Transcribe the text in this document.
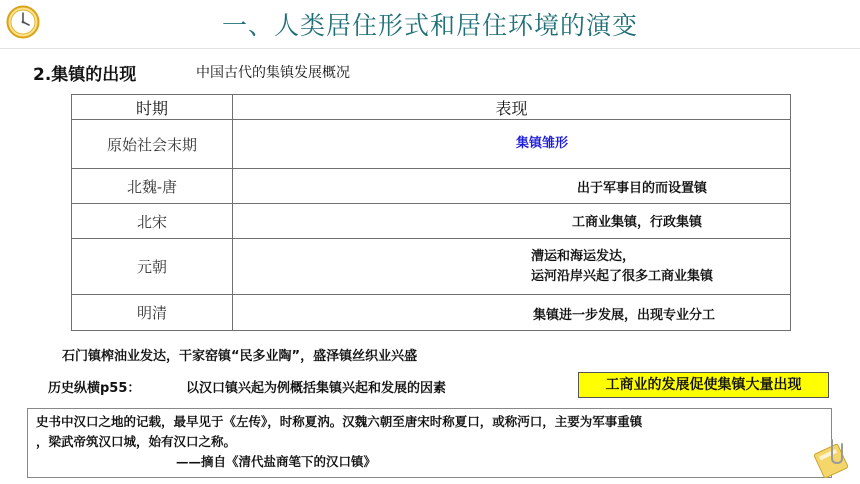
一、人类居住形式和居住环境的演变
2.集镇的出现	中国古代的集镇发展概况
时期	表现
原始社会末期	集镇雏形

北魏-唐	出于军事目的而设置镇

北宋	工商业集镇，行政集镇

元朝	漕运和海运发达，
运河沿岸兴起了很多工商业集镇

明清	集镇进一步发展，出现专业分工
石门镇榨油业发达，干家窑镇“民多业陶”，盛泽镇丝织业兴盛
历史纵横p55：	以汉口镇兴起为例概括集镇兴起和发展的因素	工商业的发展促使集镇大量出现
史书中汉口之地的记载，最早见于《左传》，时称夏汭。汉魏六朝至唐宋时称夏口，或称沔口，主要为军事重镇
，梁武帝筑汉口城，始有汉口之称。
——摘自《清代盐商笔下的汉口镇》
